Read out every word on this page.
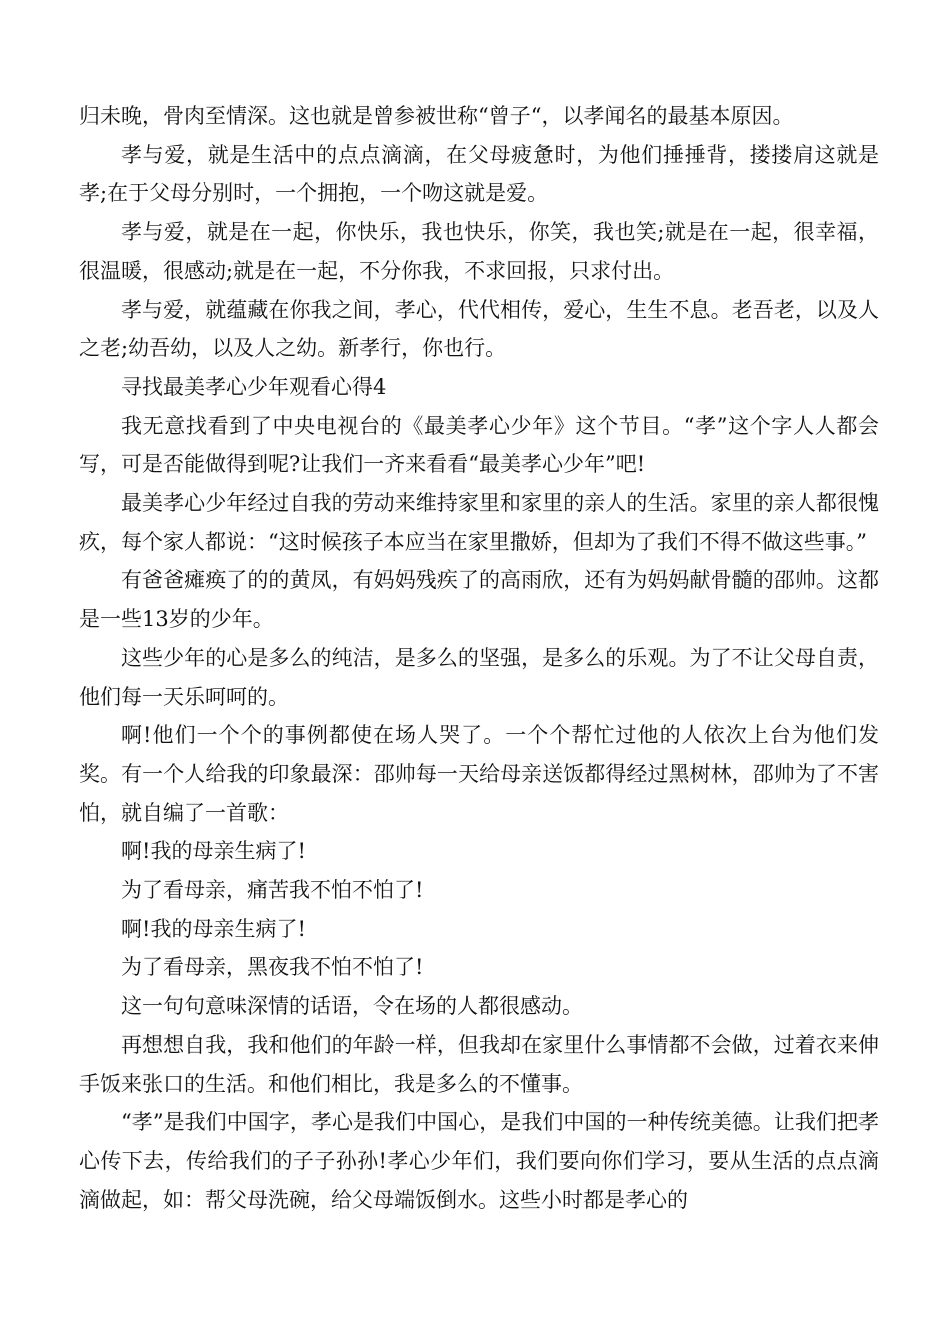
归未晚，骨肉至情深。这也就是曾参被世称“曾子“，以孝闻名的最基本原因。

孝与爱，就是生活中的点点滴滴，在父母疲惫时，为他们捶捶背，搂搂肩这就是孝;在于父母分别时，一个拥抱，一个吻这就是爱。

孝与爱，就是在一起，你快乐，我也快乐，你笑，我也笑;就是在一起，很幸福，很温暖，很感动;就是在一起，不分你我，不求回报，只求付出。

孝与爱，就蕴藏在你我之间，孝心，代代相传，爱心，生生不息。老吾老，以及人之老;幼吾幼，以及人之幼。新孝行，你也行。

寻找最美孝心少年观看心得4

我无意找看到了中央电视台的《最美孝心少年》这个节目。“孝”这个字人人都会写，可是否能做得到呢?让我们一齐来看看“最美孝心少年”吧!

最美孝心少年经过自我的劳动来维持家里和家里的亲人的生活。家里的亲人都很愧疚，每个家人都说：“这时候孩子本应当在家里撒娇，但却为了我们不得不做这些事。”

有爸爸瘫痪了的的黄凤，有妈妈残疾了的高雨欣，还有为妈妈献骨髓的邵帅。这都是一些13岁的少年。

这些少年的心是多么的纯洁，是多么的坚强，是多么的乐观。为了不让父母自责，他们每一天乐呵呵的。

啊!他们一个个的事例都使在场人哭了。一个个帮忙过他的人依次上台为他们发奖。有一个人给我的印象最深：邵帅每一天给母亲送饭都得经过黑树林，邵帅为了不害怕，就自编了一首歌：

啊!我的母亲生病了!

为了看母亲，痛苦我不怕不怕了!

啊!我的母亲生病了!

为了看母亲，黑夜我不怕不怕了!

这一句句意味深情的话语，令在场的人都很感动。

再想想自我，我和他们的年龄一样，但我却在家里什么事情都不会做，过着衣来伸手饭来张口的生活。和他们相比，我是多么的不懂事。

“孝”是我们中国字，孝心是我们中国心，是我们中国的一种传统美德。让我们把孝心传下去，传给我们的子子孙孙!孝心少年们，我们要向你们学习，要从生活的点点滴滴做起，如：帮父母洗碗，给父母端饭倒水。这些小时都是孝心的
